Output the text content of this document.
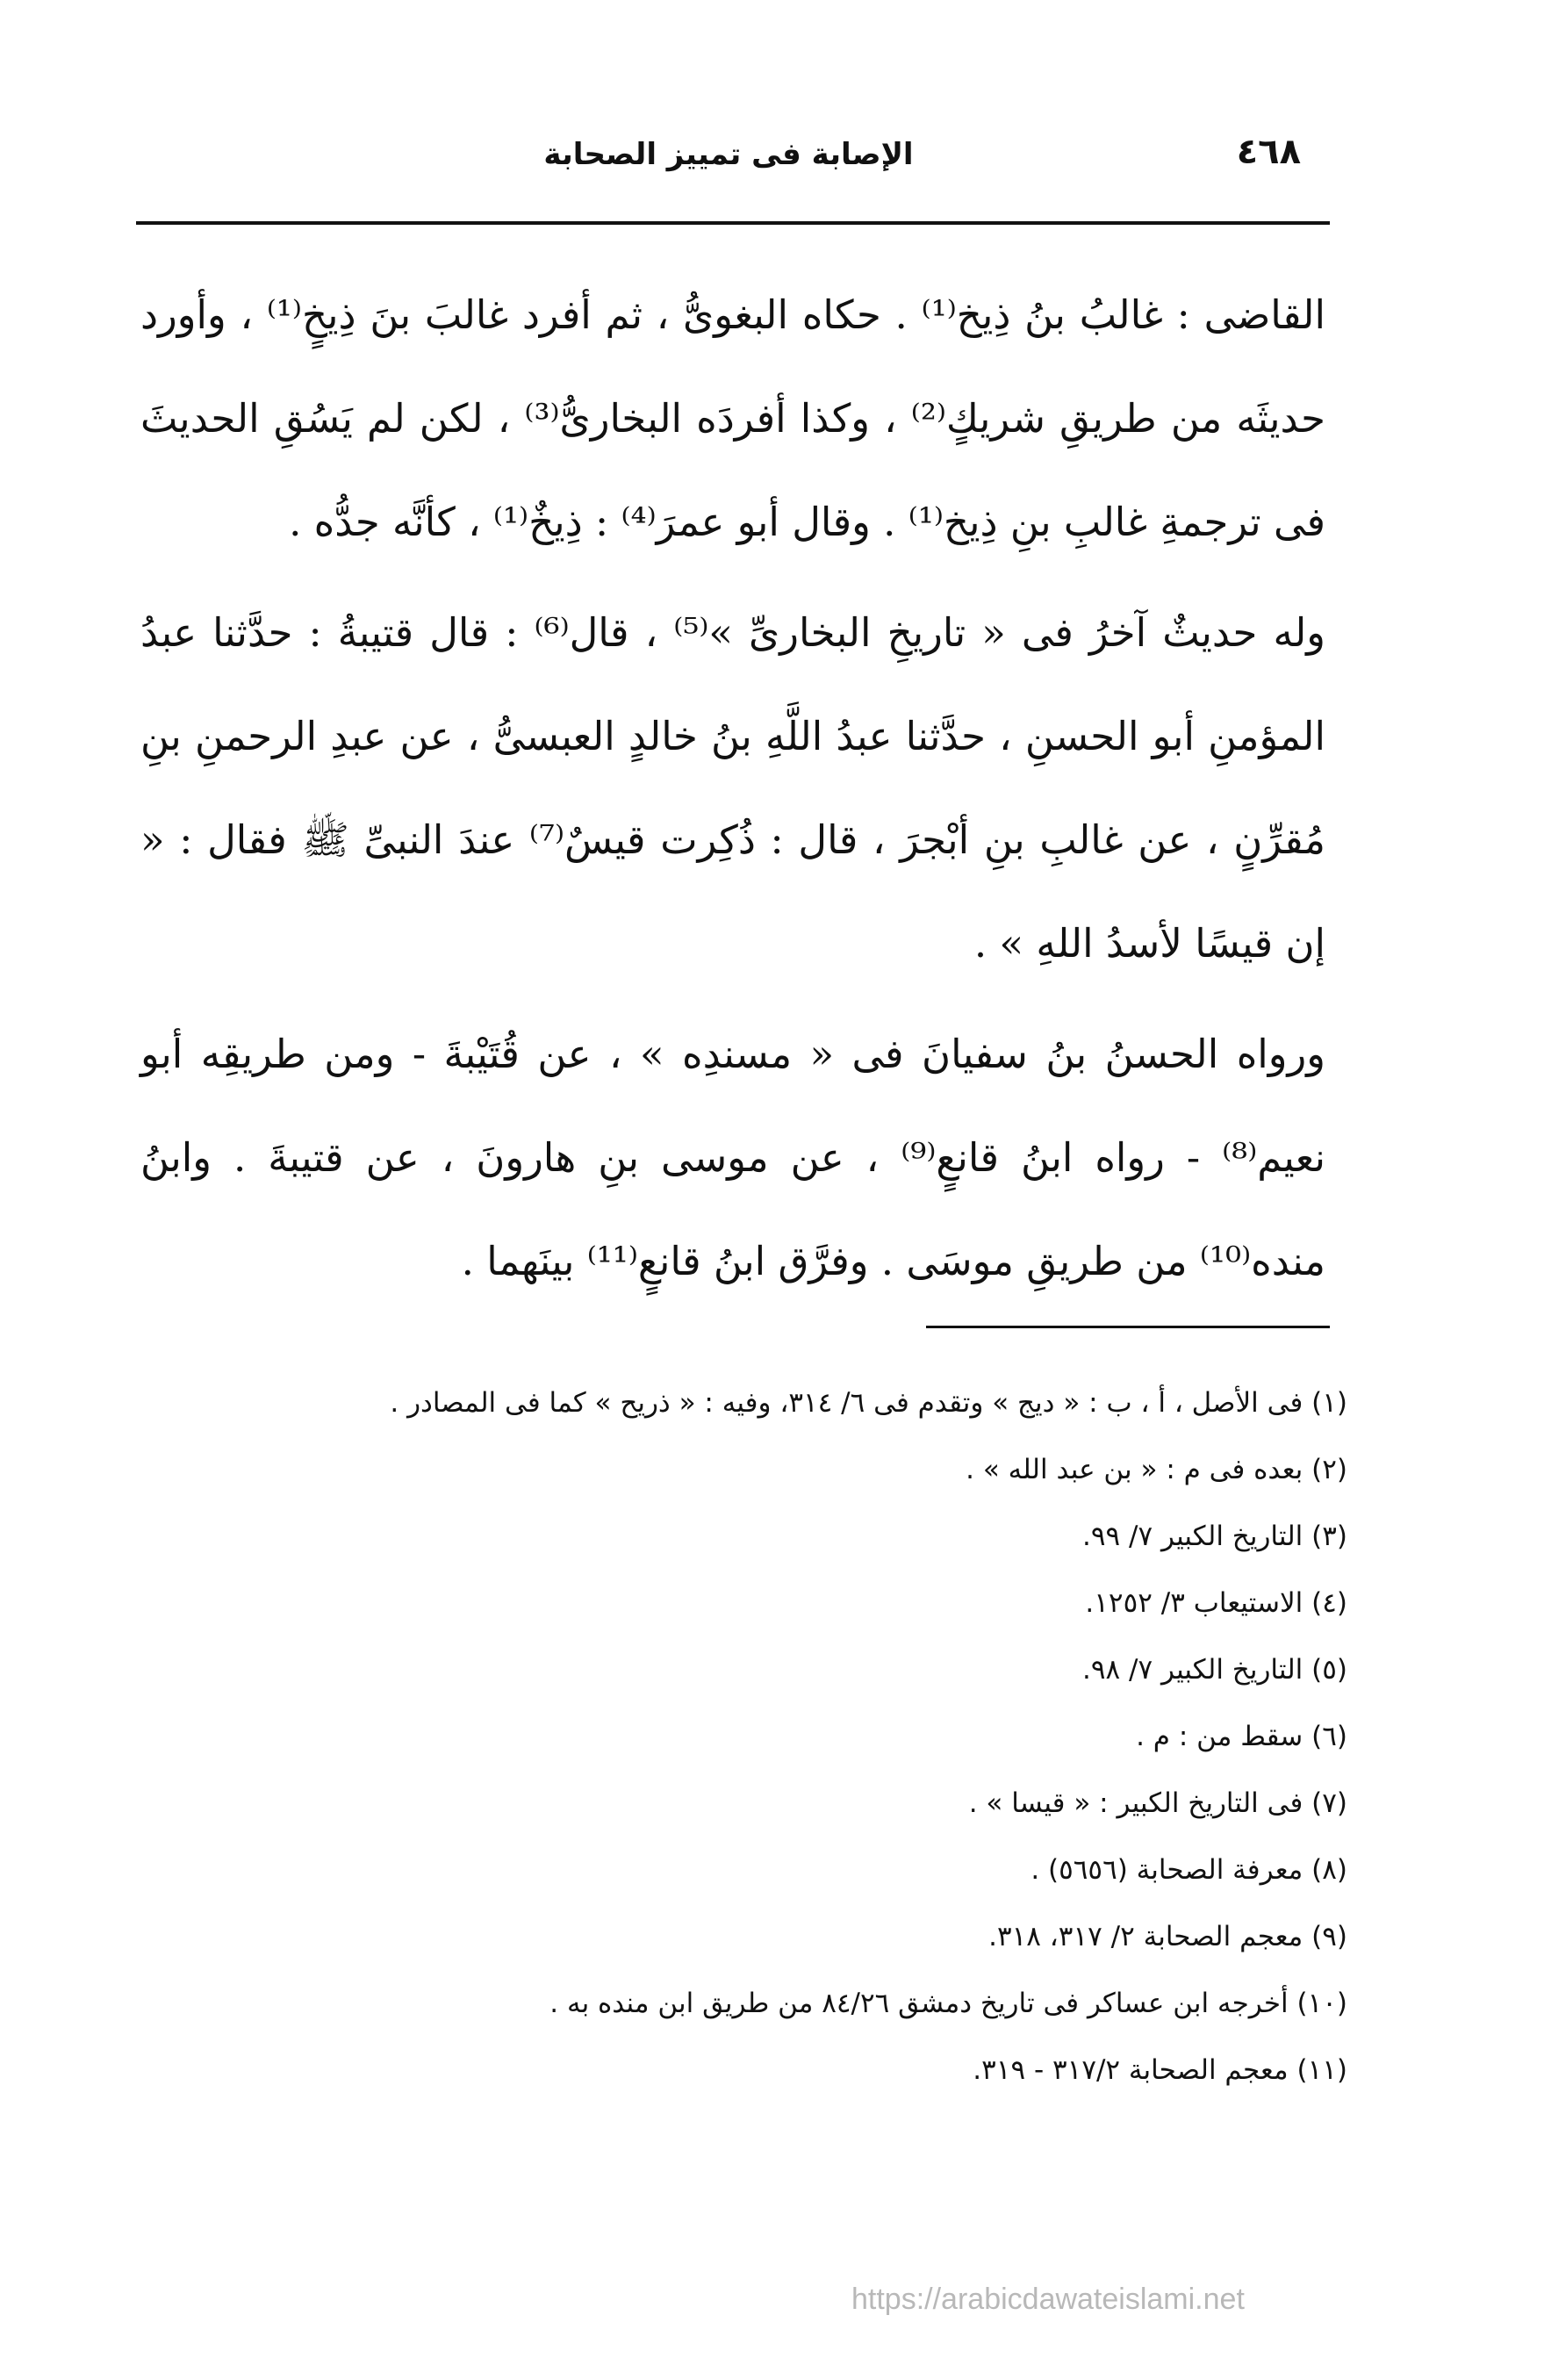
٤٦٨
الإصابة فى تمييز الصحابة

القاضى : غالبُ بنُ ذِيخ⁽¹⁾ . حكاه البغوىُّ ، ثم أفرد غالبَ بنَ ذِيخٍ⁽¹⁾ ، وأورد حديثَه من طريقِ شريكٍ⁽²⁾ ، وكذا أفردَه البخارىُّ⁽³⁾ ، لكن لم يَسُقِ الحديثَ فى ترجمةِ غالبِ بنِ ذِيخ⁽¹⁾ . وقال أبو عمرَ⁽⁴⁾ : ذِيخٌ⁽¹⁾ ، كأنَّه جدُّه .

وله حديثٌ آخرُ فى « تاريخِ البخارىِّ »⁽⁵⁾ ، قال⁽⁶⁾ : قال قتيبةُ : حدَّثنا عبدُ المؤمنِ أبو الحسنِ ، حدَّثنا عبدُ اللَّهِ بنُ خالدٍ العبسىُّ ، عن عبدِ الرحمنِ بنِ مُقرِّنٍ ، عن غالبِ بنِ أبْجرَ ، قال : ذُكِرت قيسٌ⁽⁷⁾ عندَ النبىِّ ﷺ فقال : « إن قيسًا لأسدُ اللهِ » .

ورواه الحسنُ بنُ سفيانَ فى « مسندِه » ، عن قُتَيْبةَ - ومن طريقِه أبو نعيم⁽⁸⁾ - رواه ابنُ قانعٍ⁽⁹⁾ ، عن موسى بنِ هارونَ ، عن قتيبةَ . وابنُ منده⁽¹⁰⁾ من طريقِ موسَى . وفرَّق ابنُ قانعٍ⁽¹¹⁾ بينَهما .

(١) فى الأصل ، أ ، ب : « ديج » وتقدم فى ٦/ ٣١٤، وفيه : « ذريح » كما فى المصادر .

(٢) بعده فى م : « بن عبد الله » .

(٣) التاريخ الكبير ٧/ ٩٩.

(٤) الاستيعاب ٣/ ١٢٥٢.

(٥) التاريخ الكبير ٧/ ٩٨.

(٦) سقط من : م .

(٧) فى التاريخ الكبير : « قيسا » .

(٨) معرفة الصحابة (٥٦٥٦) .

(٩) معجم الصحابة ٢/ ٣١٧، ٣١٨.

(١٠) أخرجه ابن عساكر فى تاريخ دمشق ٨٤/٢٦ من طريق ابن منده به .

(١١) معجم الصحابة ٣١٧/٢ - ٣١٩.

https://arabicdawateislami.net
